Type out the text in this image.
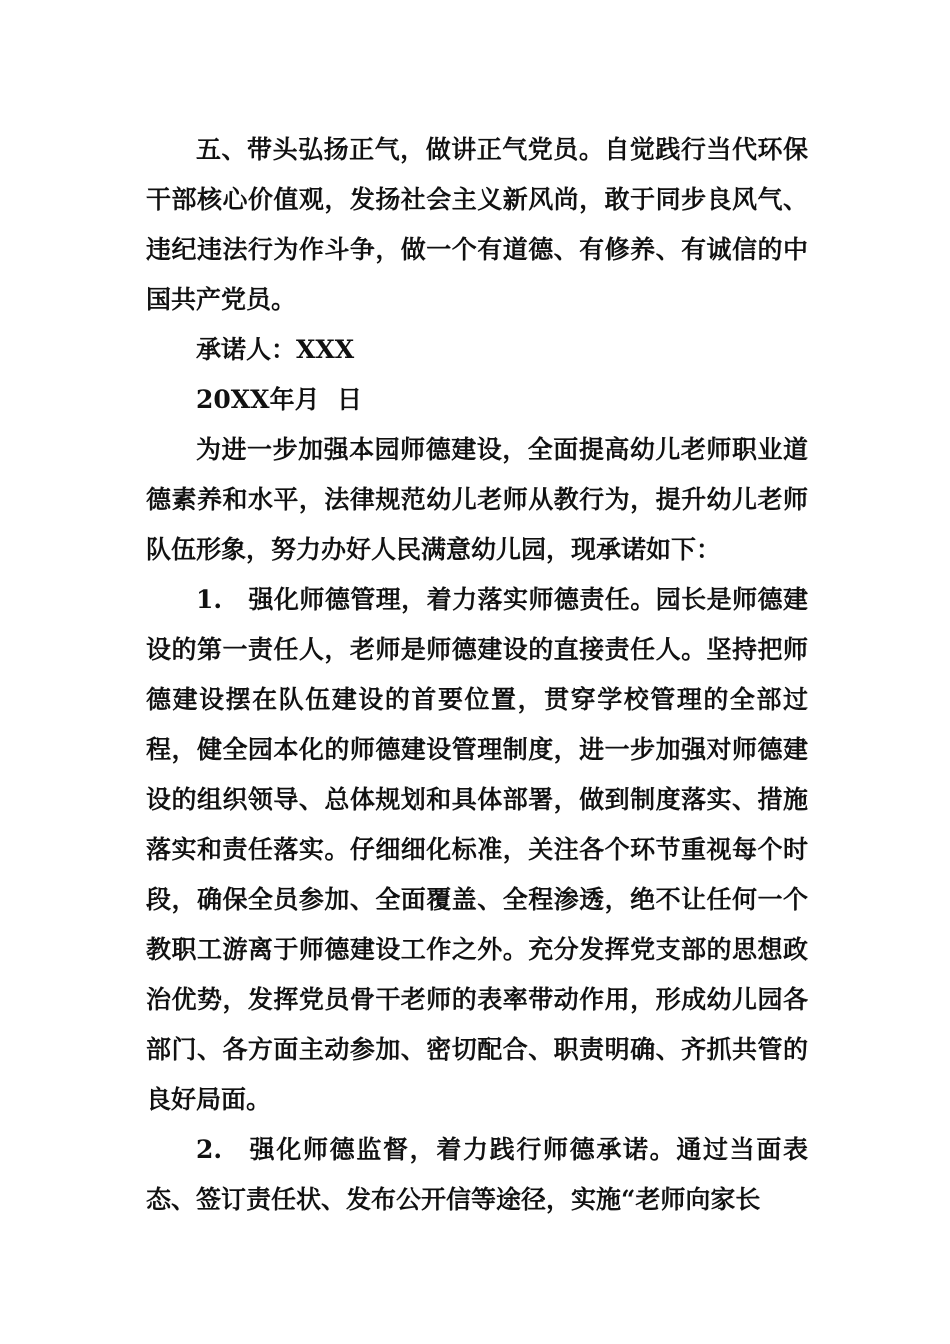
五、带头弘扬正气，做讲正气党员。自觉践行当代环保干部核心价值观，发扬社会主义新风尚，敢于同步良风气、违纪违法行为作斗争，做一个有道德、有修养、有诚信的中国共产党员。

承诺人：XXX

20XX年月  日

为进一步加强本园师德建设，全面提高幼儿老师职业道德素养和水平，法律规范幼儿老师从教行为，提升幼儿老师队伍形象，努力办好人民满意幼儿园，现承诺如下：

1. 强化师德管理，着力落实师德责任。园长是师德建设的第一责任人，老师是师德建设的直接责任人。坚持把师德建设摆在队伍建设的首要位置，贯穿学校管理的全部过程，健全园本化的师德建设管理制度，进一步加强对师德建设的组织领导、总体规划和具体部署，做到制度落实、措施落实和责任落实。仔细细化标准，关注各个环节重视每个时段，确保全员参加、全面覆盖、全程渗透，绝不让任何一个教职工游离于师德建设工作之外。充分发挥党支部的思想政治优势，发挥党员骨干老师的表率带动作用，形成幼儿园各部门、各方面主动参加、密切配合、职责明确、齐抓共管的良好局面。

2. 强化师德监督，着力践行师德承诺。通过当面表态、签订责任状、发布公开信等途径，实施“老师向家长
